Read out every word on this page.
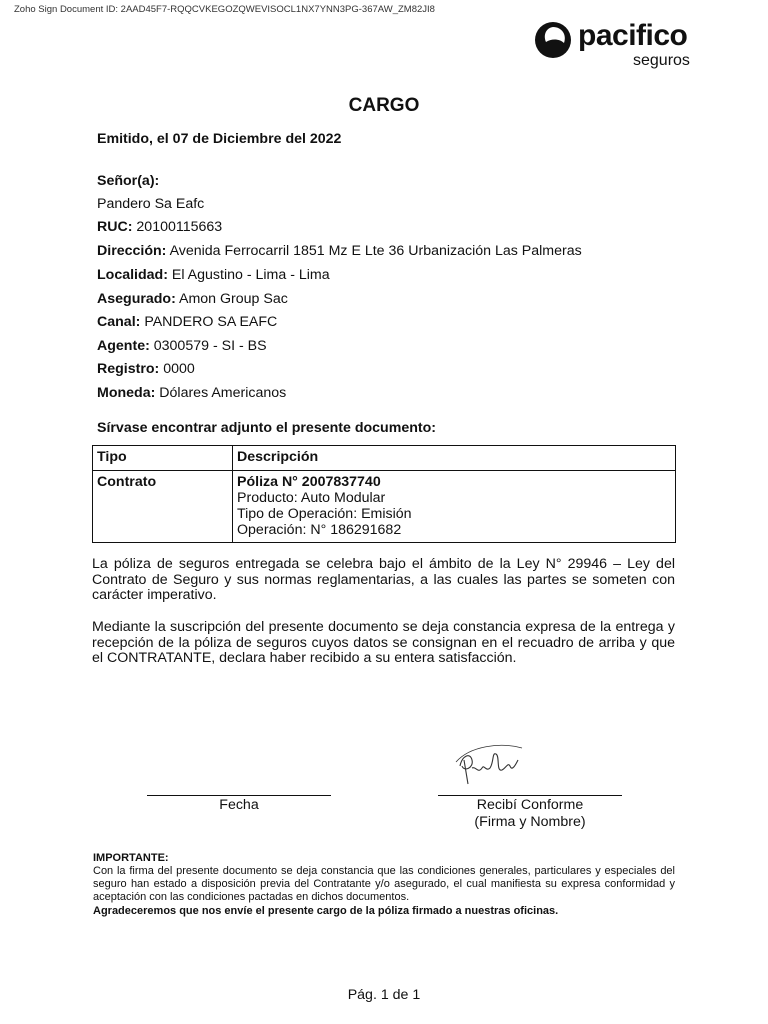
Zoho Sign Document ID: 2AAD45F7-RQQCVKEGOZQWEVISOCL1NX7YNN3PG-367AW_ZM82JI8
pacifico
seguros
CARGO
Emitido, el 07 de Diciembre del 2022
Señor(a):
Pandero Sa Eafc
RUC: 20100115663
Dirección: Avenida Ferrocarril 1851 Mz E Lte 36 Urbanización Las Palmeras
Localidad: El Agustino - Lima - Lima
Asegurado: Amon Group Sac
Canal: PANDERO SA EAFC
Agente: 0300579 - SI - BS
Registro: 0000
Moneda: Dólares Americanos
Sírvase encontrar adjunto el presente documento:
Tipo	Descripción
Contrato	Póliza N° 2007837740
Producto: Auto Modular
Tipo de Operación: Emisión
Operación: N° 186291682
La póliza de seguros entregada se celebra bajo el ámbito de la Ley N° 29946 – Ley del Contrato de Seguro y sus normas reglamentarias, a las cuales las partes se someten con carácter imperativo.
Mediante la suscripción del presente documento se deja constancia expresa de la entrega y recepción de la póliza de seguros cuyos datos se consignan en el recuadro de arriba y que el CONTRATANTE, declara haber recibido a su entera satisfacción.
Fecha	Recibí Conforme
(Firma y Nombre)
IMPORTANTE:
Con la firma del presente documento se deja constancia que las condiciones generales, particulares y especiales del seguro han estado a disposición previa del Contratante y/o asegurado, el cual manifiesta su expresa conformidad y aceptación con las condiciones pactadas en dichos documentos.
Agradeceremos que nos envíe el presente cargo de la póliza firmado a nuestras oficinas.
Pág. 1 de 1
